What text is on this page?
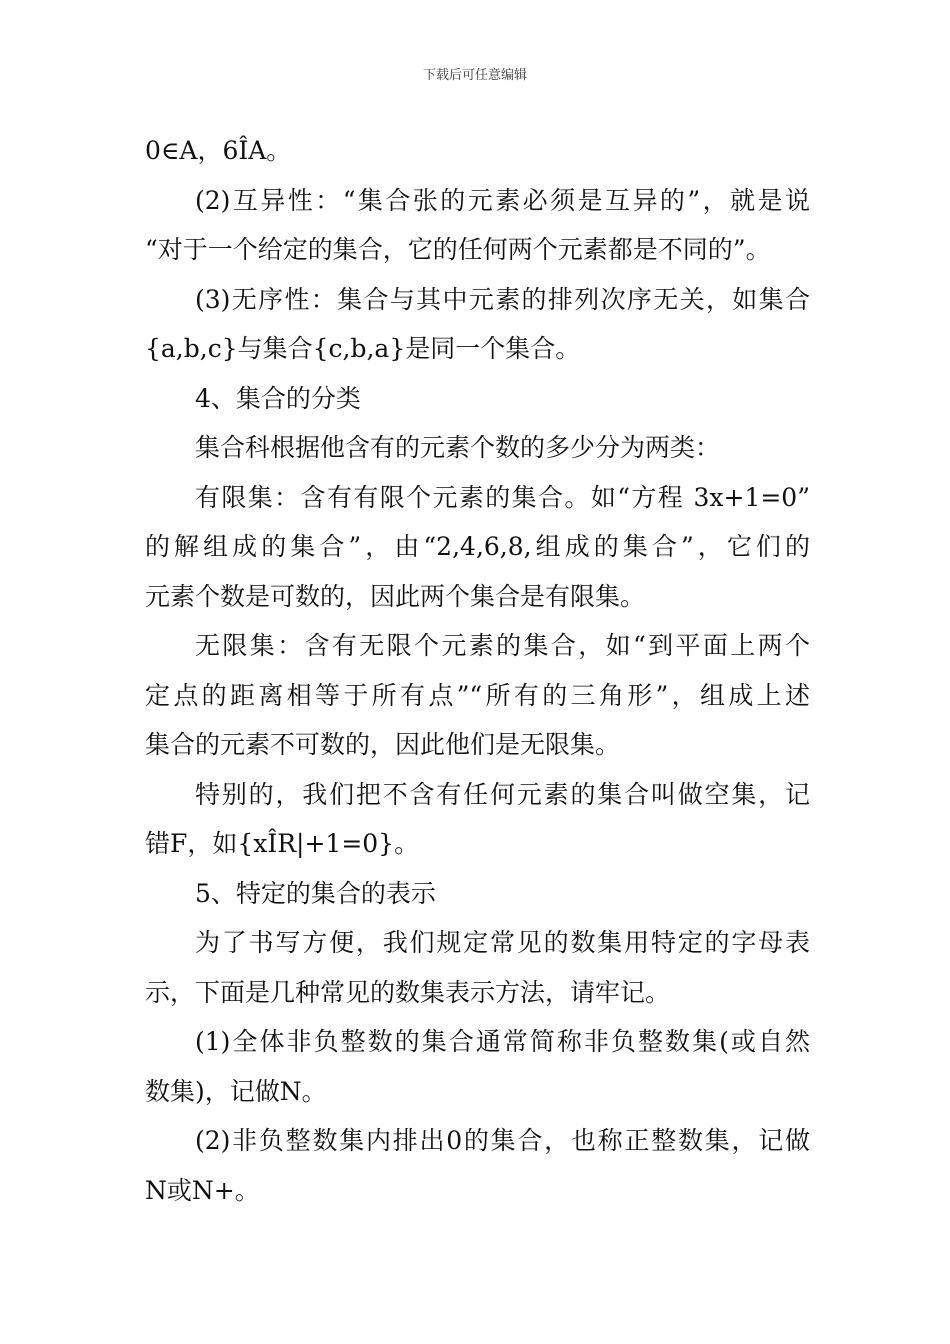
下载后可任意编辑
0∈A，6ÎA。
(2)互异性：“集合张的元素必须是互异的”，就是说
“对于一个给定的集合，它的任何两个元素都是不同的”。
(3)无序性：集合与其中元素的排列次序无关，如集合
{a,b,c}与集合{c,b,a}是同一个集合。
4、集合的分类
集合科根据他含有的元素个数的多少分为两类：
有限集：含有有限个元素的集合。如“方程 3x+1=0”
的解组成的集合”，由“2,4,6,8,组成的集合”，它们的
元素个数是可数的，因此两个集合是有限集。
无限集：含有无限个元素的集合，如“到平面上两个
定点的距离相等于所有点”“所有的三角形”，组成上述
集合的元素不可数的，因此他们是无限集。
特别的，我们把不含有任何元素的集合叫做空集，记
错F，如{xÎR|+1=0}。
5、特定的集合的表示
为了书写方便，我们规定常见的数集用特定的字母表
示，下面是几种常见的数集表示方法，请牢记。
(1)全体非负整数的集合通常简称非负整数集(或自然
数集)，记做N。
(2)非负整数集内排出0的集合，也称正整数集，记做
N或N+。
